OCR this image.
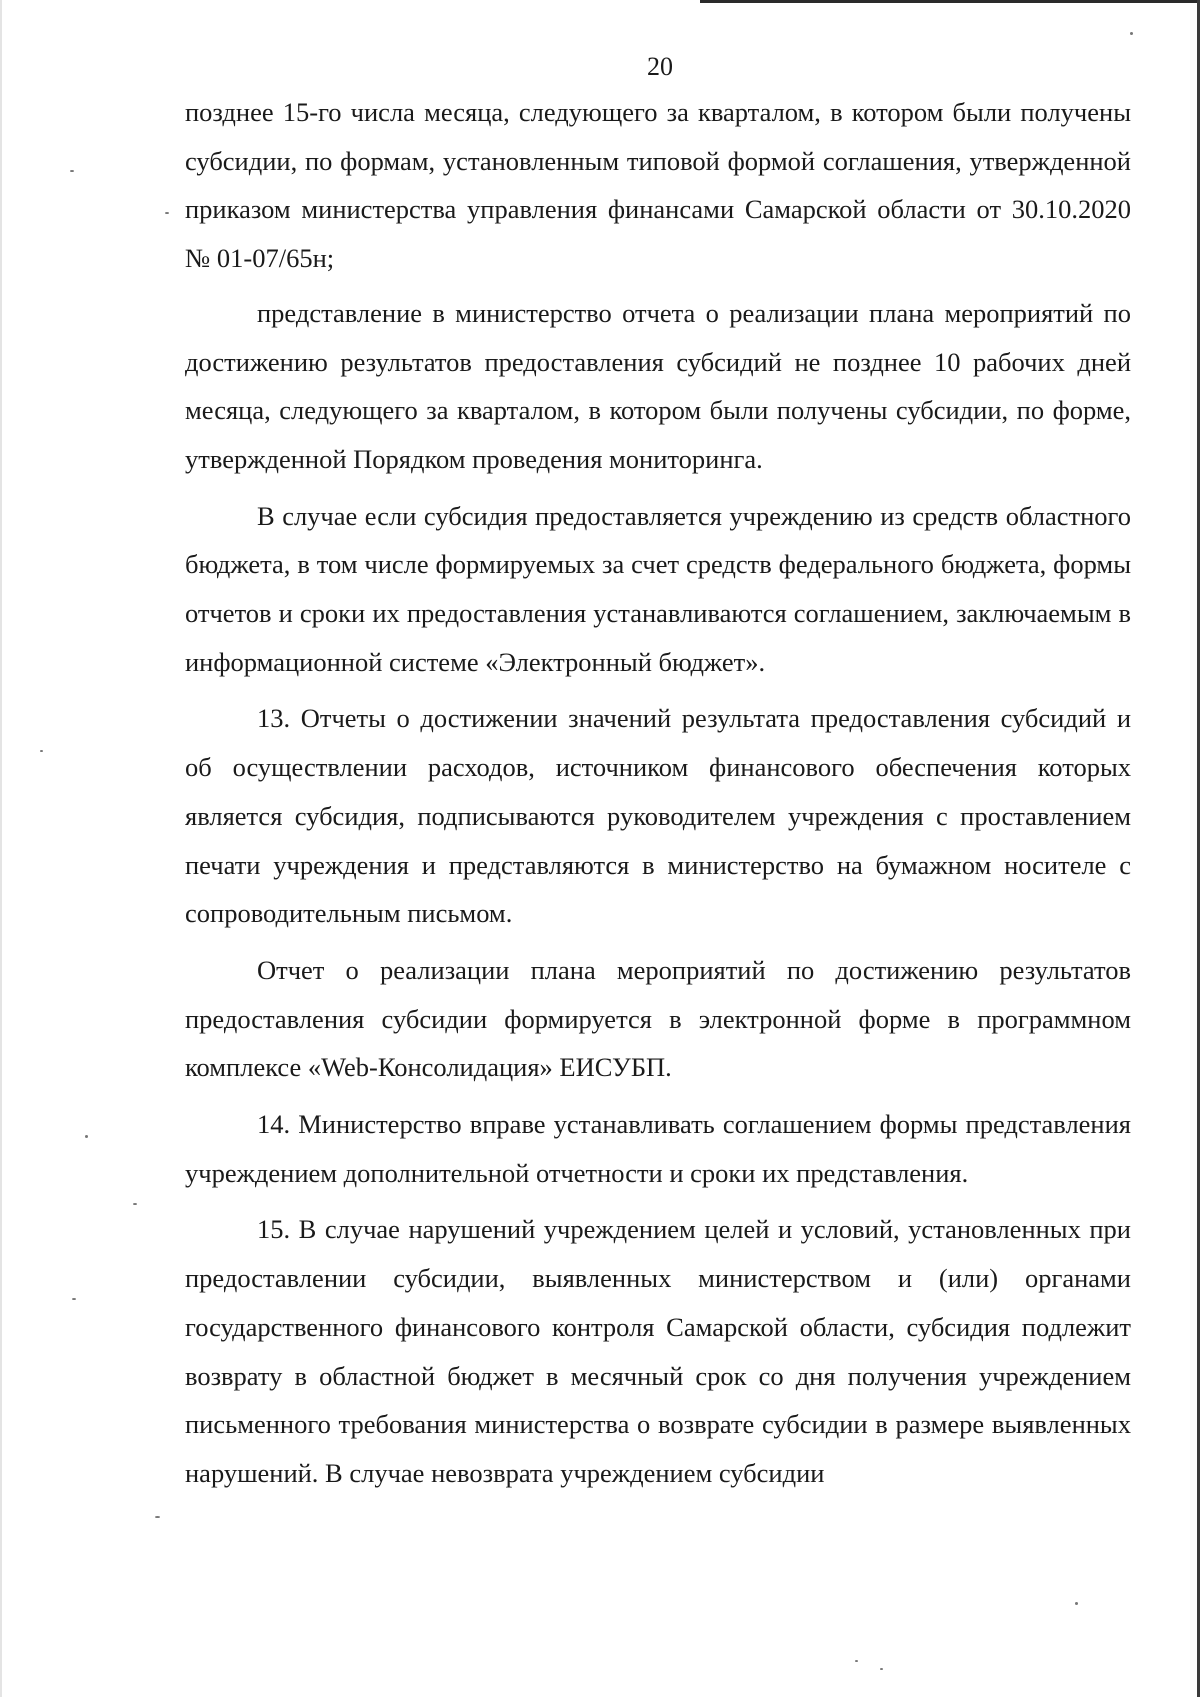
20

позднее 15-го числа месяца, следующего за кварталом, в котором были получены субсидии, по формам, установленным типовой формой соглашения, утвержденной приказом министерства управления финансами Самарской области от 30.10.2020 № 01-07/65н;

представление в министерство отчета о реализации плана мероприятий по достижению результатов предоставления субсидий не позднее 10 рабочих дней месяца, следующего за кварталом, в котором были получены субсидии, по форме, утвержденной Порядком проведения мониторинга.

В случае если субсидия предоставляется учреждению из средств областного бюджета, в том числе формируемых за счет средств федерального бюджета, формы отчетов и сроки их предоставления устанавливаются соглашением, заключаемым в информационной системе «Электронный бюджет».

13. Отчеты о достижении значений результата предоставления субсидий и об осуществлении расходов, источником финансового обеспечения которых является субсидия, подписываются руководителем учреждения с проставлением печати учреждения и представляются в министерство на бумажном носителе с сопроводительным письмом.

Отчет о реализации плана мероприятий по достижению результатов предоставления субсидии формируется в электронной форме в программном комплексе «Web-Консолидация» ЕИСУБП.

14. Министерство вправе устанавливать соглашением формы представления учреждением дополнительной отчетности и сроки их представления.

15. В случае нарушений учреждением целей и условий, установленных при предоставлении субсидии, выявленных министерством и (или) органами государственного финансового контроля Самарской области, субсидия подлежит возврату в областной бюджет в месячный срок со дня получения учреждением письменного требования министерства о возврате субсидии в размере выявленных нарушений. В случае невозврата учреждением субсидии
